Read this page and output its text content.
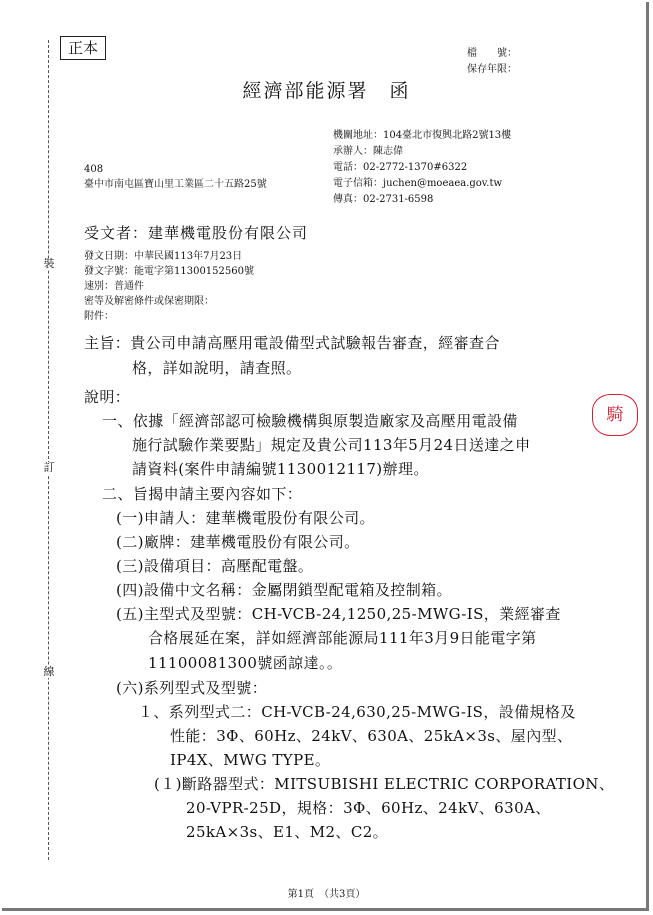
裝
訂
線
正本	檔　　號：
保存年限：
經濟部能源署　函
機關地址：104臺北市復興北路2號13樓
承辦人：陳志偉
電話：02-2772-1370#6322
電子信箱：juchen@moeaea.gov.tw
傳真：02-2731-6598
408
臺中市南屯區寶山里工業區二十五路25號
受文者：建華機電股份有限公司
發文日期：中華民國113年7月23日
發文字號：能電字第11300152560號
速別：普通件
密等及解密條件或保密期限：
附件：
主旨：貴公司申請高壓用電設備型式試驗報告審查，經審查合
格，詳如說明，請查照。
說明：
一、依據「經濟部認可檢驗機構與原製造廠家及高壓用電設備
施行試驗作業要點」規定及貴公司113年5月24日送達之申
請資料(案件申請編號1130012117)辦理。
二、旨揭申請主要內容如下：
(一)申請人：建華機電股份有限公司。
(二)廠牌：建華機電股份有限公司。
(三)設備項目：高壓配電盤。
(四)設備中文名稱：金屬閉鎖型配電箱及控制箱。
(五)主型式及型號：CH-VCB-24,1250,25-MWG-IS，業經審查
合格展延在案，詳如經濟部能源局111年3月9日能電字第
11100081300號函諒達。。
(六)系列型式及型號：
１、系列型式二：CH-VCB-24,630,25-MWG-IS，設備規格及
性能：3Φ、60Hz、24kV、630A、25kA×3s、屋內型、
IP4X、MWG TYPE。
(１)斷路器型式：MITSUBISHI ELECTRIC CORPORATION、
20-VPR-25D，規格：3Φ、60Hz、24kV、630A、
25kA×3s、E1、M2、C2。
騎
第1頁　（共3頁）
